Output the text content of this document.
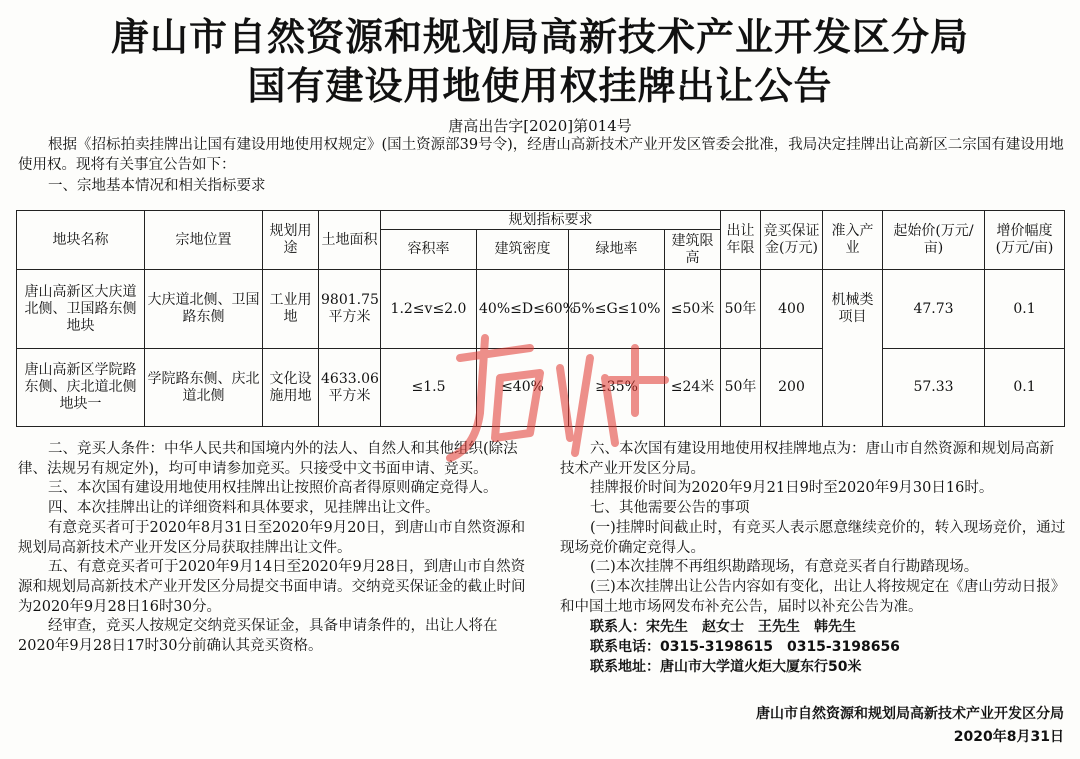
唐山市自然资源和规划局高新技术产业开发区分局
国有建设用地使用权挂牌出让公告
唐高出告字[2020]第014号
根据《招标拍卖挂牌出让国有建设用地使用权规定》(国土资源部39号令)，经唐山高新技术产业开发区管委会批准，我局决定挂牌出让高新区二宗国有建设用地使用权。现将有关事宜公告如下：
一、宗地基本情况和相关指标要求
地块名称	宗地位置	规划用途	土地面积	规划指标要求				出让年限	竞买保证金(万元)	准入产业	起始价(万元/亩)	增价幅度(万元/亩)
				容积率	建筑密度	绿地率	建筑限高					
唐山高新区大庆道北侧、卫国路东侧地块	大庆道北侧、卫国路东侧	工业用地	9801.75平方米	1.2≤v≤2.0	40%≤D≤60%	5%≤G≤10%	≤50米	50年	400	机械类项目	47.73	0.1
唐山高新区学院路东侧、庆北道北侧地块一	学院路东侧、庆北道北侧	文化设施用地	4633.06平方米	≤1.5	≤40%	≥35%	≤24米	50年	200		57.33	0.1

二、竞买人条件：中华人民共和国境内外的法人、自然人和其他组织(除法律、法规另有规定外)，均可申请参加竞买。只接受中文书面申请、竞买。

三、本次国有建设用地使用权挂牌出让按照价高者得原则确定竞得人。

四、本次挂牌出让的详细资料和具体要求，见挂牌出让文件。

有意竞买者可于2020年8月31日至2020年9月20日，到唐山市自然资源和规划局高新技术产业开发区分局获取挂牌出让文件。

五、有意竞买者可于2020年9月14日至2020年9月28日，到唐山市自然资源和规划局高新技术产业开发区分局提交书面申请。交纳竞买保证金的截止时间为2020年9月28日16时30分。

经审查，竞买人按规定交纳竞买保证金，具备申请条件的，出让人将在2020年9月28日17时30分前确认其竞买资格。

六、本次国有建设用地使用权挂牌地点为：唐山市自然资源和规划局高新技术产业开发区分局。

挂牌报价时间为2020年9月21日9时至2020年9月30日16时。

七、其他需要公告的事项

(一)挂牌时间截止时，有竞买人表示愿意继续竞价的，转入现场竞价，通过现场竞价确定竞得人。

(二)本次挂牌不再组织勘踏现场，有意竞买者自行勘踏现场。

(三)本次挂牌出让公告内容如有变化，出让人将按规定在《唐山劳动日报》和中国土地市场网发布补充公告，届时以补充公告为准。

联系人：宋先生　赵女士　王先生　韩先生
联系电话：0315-3198615　0315-3198656
联系地址：唐山市大学道火炬大厦东行50米
唐山市自然资源和规划局高新技术产业开发区分局
2020年8月31日
